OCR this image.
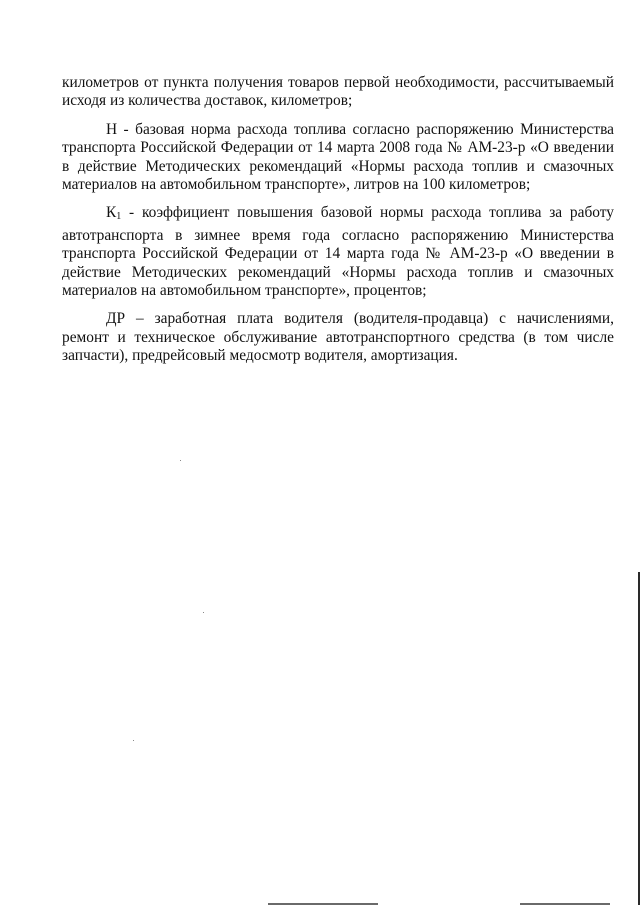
километров от пункта получения товаров первой необходимости, рассчитываемый исходя из количества доставок, километров;

Н - базовая норма расхода топлива согласно распоряжению Министерства транспорта Российской Федерации от 14 марта 2008 года № АМ-23-р «О введении в действие Методических рекомендаций «Нормы расхода топлив и смазочных материалов на автомобильном транспорте», литров на 100 километров;

$К_1$ - коэффициент повышения базовой нормы расхода топлива за работу автотранспорта в зимнее время года согласно распоряжению Министерства транспорта Российской Федерации от 14 марта года № АМ-23-р «О введении в действие Методических рекомендаций «Нормы расхода топлив и смазочных материалов на автомобильном транспорте», процентов;

ДР – заработная плата водителя (водителя-продавца) с начислениями, ремонт и техническое обслуживание автотранспортного средства (в том числе запчасти), предрейсовый медосмотр водителя, амортизация.
